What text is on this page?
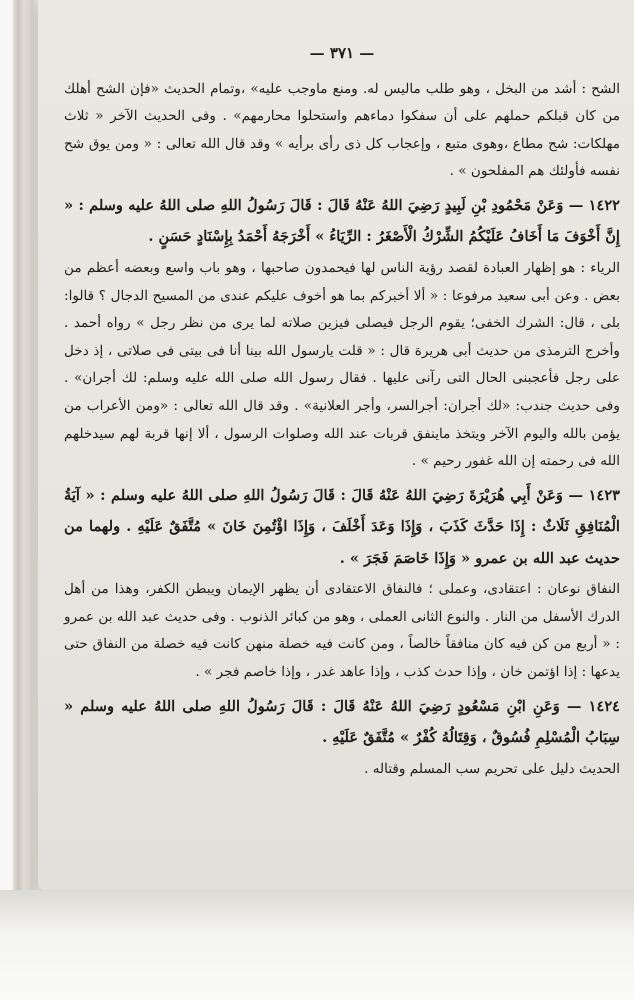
— ٣٧١ —

الشح : أشد من البخل ، وهو طلب ماليس له. ومنع ماوجب عليه» ،وتمام الحديث «فإن الشح أهلك من كان قبلكم حملهم على أن سفكوا دماءهم واستحلوا محارمهم» . وفى الحديث الآخر « ثلاث مهلكات: شح مطاع ،وهوى متبع ، وإعجاب كل ذى رأى برأيه » وقد قال الله تعالى : « ومن يوق شح نفسه فأولئك هم المفلحون » .

١٤٢٢ — وَعَنْ مَحْمُودِ بْنِ لَبِيدٍ رَضِيَ اللهُ عَنْهُ قَالَ : قَالَ رَسُولُ اللهِ صلى اللهُ عليه وسلم : « إِنَّ أَخْوَفَ مَا أَخَافُ عَلَيْكُمُ الشِّرْكُ الْأَصْغَرُ : الرِّيَاءُ » أَخْرَجَهُ أَحْمَدُ بِإِسْنَادٍ حَسَنٍ .

الرياء : هو إظهار العبادة لقصد رؤية الناس لها فيحمدون صاحبها ، وهو باب واسع وبعضه أعظم من بعض . وعن أبى سعيد مرفوعا : « ألا أخبركم بما هو أخوف عليكم عندى من المسيح الدجال ؟ قالوا: بلى ، قال: الشرك الخفى؛ يقوم الرجل فيصلى فيزين صلاته لما يرى من نظر رجل » رواه أحمد . وأخرج الترمذى من حديث أبى هريرة قال : « قلت يارسول الله بينا أنا فى بيتى فى صلاتى ، إذ دخل على رجل فأعجبنى الحال التى رآنى عليها . فقال رسول الله صلى الله عليه وسلم: لك أجران» . وفى حديث جندب: «لك أجران: أجرالسر، وأجر العلانية» . وقد قال الله تعالى : «ومن الأعراب من يؤمن بالله واليوم الآخر ويتخذ ماينفق قربات عند الله وصلوات الرسول ، ألا إنها قربة لهم سيدخلهم الله فى رحمته إن الله غفور رحيم » .

١٤٢٣ — وَعَنْ أَبِي هُرَيْرَةَ رَضِيَ اللهُ عَنْهُ قَالَ : قَالَ رَسُولُ اللهِ صلى اللهُ عليه وسلم : « آيَةُ الْمُنَافِقِ ثَلَاثٌ : إِذَا حَدَّثَ كَذَبَ ، وَإِذَا وَعَدَ أَخْلَفَ ، وَإِذَا اؤْتُمِنَ خَانَ » مُتَّفَقٌ عَلَيْهِ . ولهما من حديث عبد الله بن عمرو « وَإِذَا خَاصَمَ فَجَرَ » .

النفاق نوعان : اعتقادى، وعملى ؛ فالنفاق الاعتقادى أن يظهر الإيمان ويبطن الكفر، وهذا من أهل الدرك الأسفل من النار . والنوع الثانى العملى ، وهو من كبائر الذنوب . وفى حديث عبد الله بن عمرو : « أربع من كن فيه كان منافقاً خالصاً ، ومن كانت فيه خصلة منهن كانت فيه خصلة من النفاق حتى يدعها : إذا اؤتمن خان ، وإذا حدث كذب ، وإذا عاهد غدر ، وإذا خاصم فجر » .

١٤٢٤ — وَعَنِ ابْنِ مَسْعُودٍ رَضِيَ اللهُ عَنْهُ قَالَ : قَالَ رَسُولُ اللهِ صلى اللهُ عليه وسلم « سِبَابُ الْمُسْلِمِ فُسُوقٌ ، وَقِتَالُهُ كُفْرٌ » مُتَّفَقٌ عَلَيْهِ .

الحديث دليل على تحريم سب المسلم وقتاله .
